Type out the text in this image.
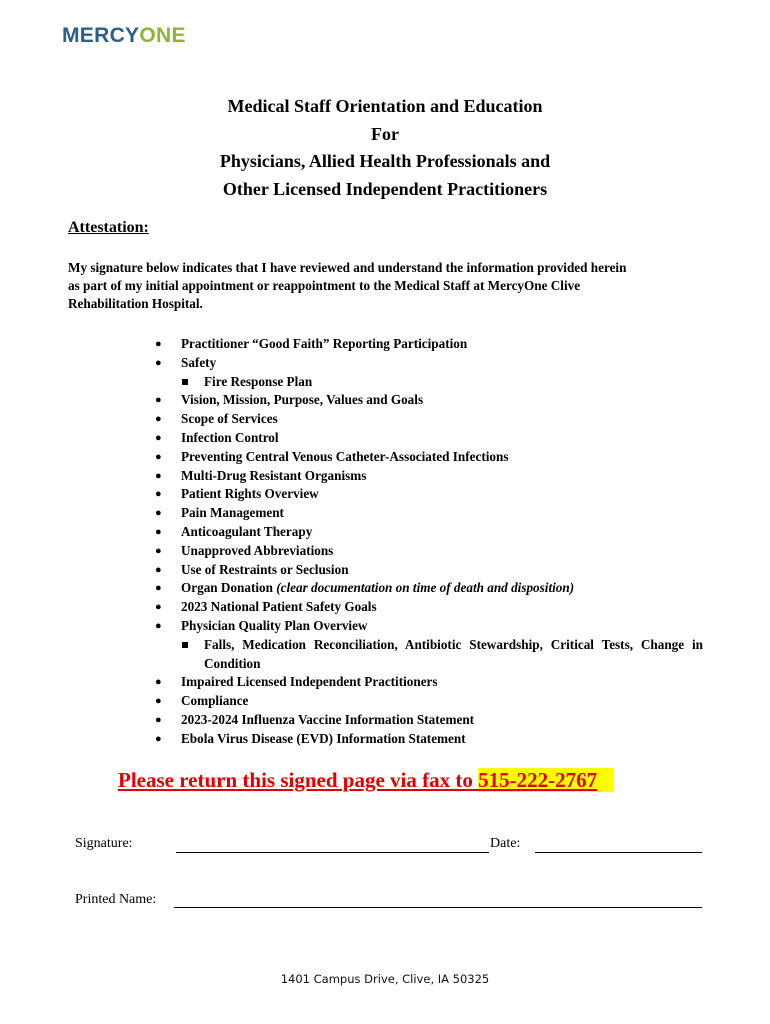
MERCY ONE .
Medical Staff Orientation and Education
For
Physicians, Allied Health Professionals and
Other Licensed Independent Practitioners
Attestation:
My signature below indicates that I have reviewed and understand the information provided herein
as part of my initial appointment or reappointment to the Medical Staff at MercyOne Clive
Rehabilitation Hospital.
● Practitioner “Good Faith” Reporting Participation
● Safety
Fire Response Plan
● Vision, Mission, Purpose, Values and Goals
● Scope of Services
● Infection Control
● Preventing Central Venous Catheter-Associated Infections
● Multi-Drug Resistant Organisms
● Patient Rights Overview
● Pain Management
● Anticoagulant Therapy
● Unapproved Abbreviations
● Use of Restraints or Seclusion
● Organ Donation (clear documentation on time of death and disposition)
● 2023 National Patient Safety Goals
● Physician Quality Plan Overview
Falls, Medication Reconciliation, Antibiotic Stewardship, Critical Tests, Change in Condition
● Impaired Licensed Independent Practitioners
● Compliance
● 2023-2024 Influenza Vaccine Information Statement
● Ebola Virus Disease (EVD) Information Statement
Please return this signed page via fax to 515-222-2767
Signature:	Date:
Printed Name:
1401 Campus Drive, Clive, IA 50325
